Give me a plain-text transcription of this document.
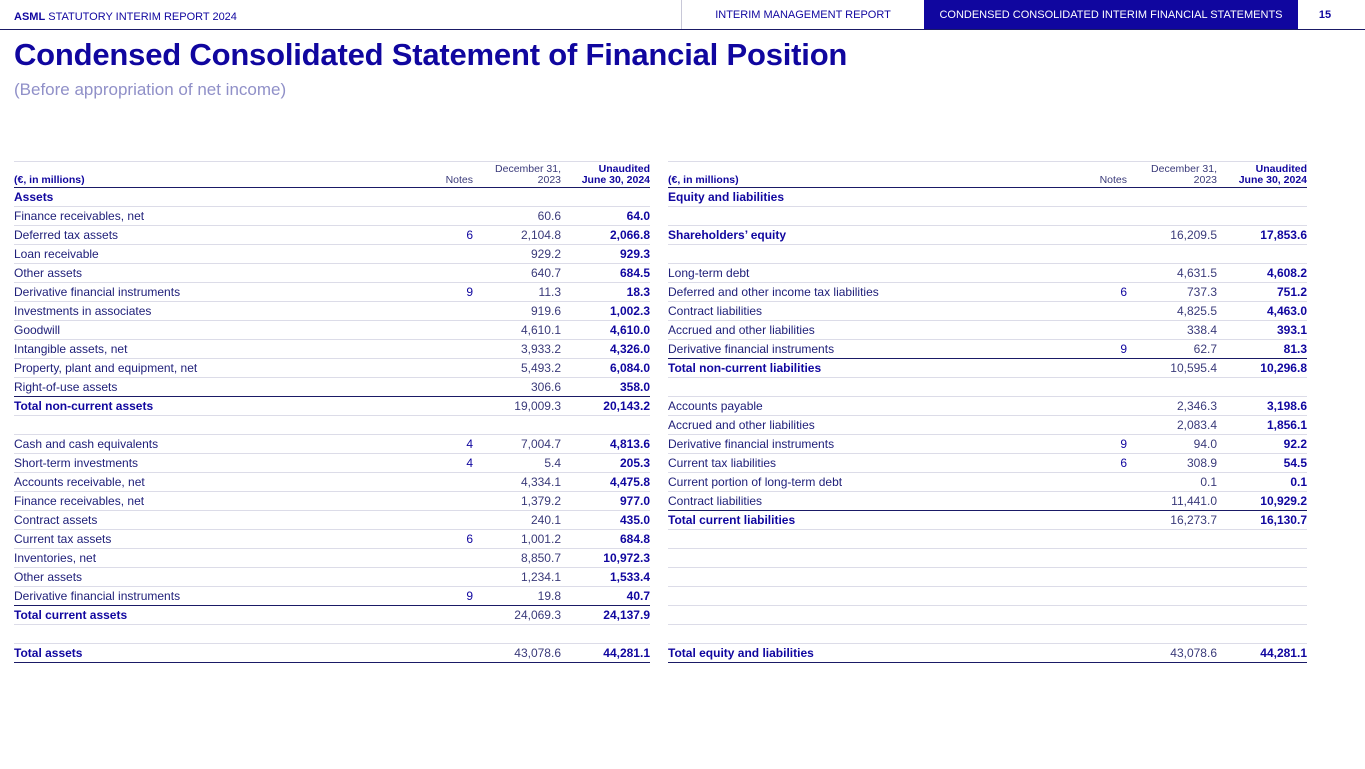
ASML STATUTORY INTERIM REPORT 2024	INTERIM MANAGEMENT REPORT	CONDENSED CONSOLIDATED INTERIM FINANCIAL STATEMENTS	15
Condensed Consolidated Statement of Financial Position
(Before appropriation of net income)
(€, in millions)	Notes	December 31,
2023	Unaudited
June 30, 2024
Assets			
Finance receivables, net		60.6	64.0
Deferred tax assets	6	2,104.8	2,066.8
Loan receivable		929.2	929.3
Other assets		640.7	684.5
Derivative financial instruments	9	11.3	18.3
Investments in associates		919.6	1,002.3
Goodwill		4,610.1	4,610.0
Intangible assets, net		3,933.2	4,326.0
Property, plant and equipment, net		5,493.2	6,084.0
Right-of-use assets		306.6	358.0
Total non-current assets		19,009.3	20,143.2

Cash and cash equivalents	4	7,004.7	4,813.6
Short-term investments	4	5.4	205.3
Accounts receivable, net		4,334.1	4,475.8
Finance receivables, net		1,379.2	977.0
Contract assets		240.1	435.0
Current tax assets	6	1,001.2	684.8
Inventories, net		8,850.7	10,972.3
Other assets		1,234.1	1,533.4
Derivative financial instruments	9	19.8	40.7
Total current assets		24,069.3	24,137.9

Total assets		43,078.6	44,281.1
(€, in millions)	Notes	December 31,
2023	Unaudited
June 30, 2024
Equity and liabilities			

Shareholders’ equity		16,209.5	17,853.6

Long-term debt		4,631.5	4,608.2
Deferred and other income tax liabilities	6	737.3	751.2
Contract liabilities		4,825.5	4,463.0
Accrued and other liabilities		338.4	393.1
Derivative financial instruments	9	62.7	81.3
Total non-current liabilities		10,595.4	10,296.8

Accounts payable		2,346.3	3,198.6
Accrued and other liabilities		2,083.4	1,856.1
Derivative financial instruments	9	94.0	92.2
Current tax liabilities	6	308.9	54.5
Current portion of long-term debt		0.1	0.1
Contract liabilities		11,441.0	10,929.2
Total current liabilities		16,273.7	16,130.7

Total equity and liabilities		43,078.6	44,281.1
